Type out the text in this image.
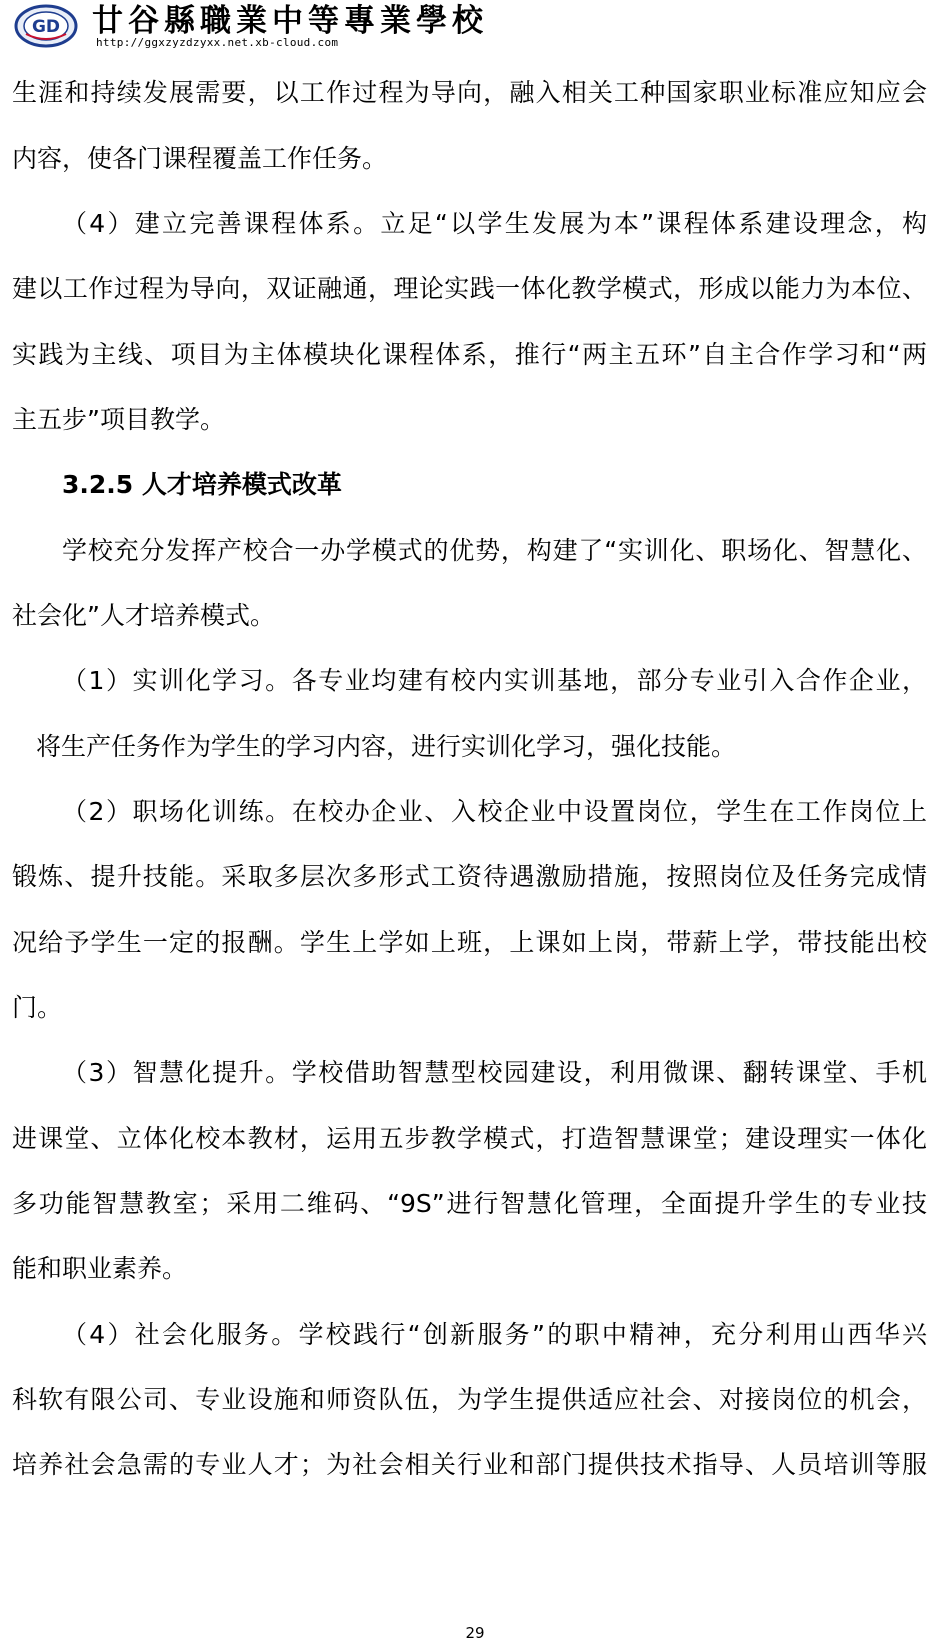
GD 廿谷縣職業中等專業學校
http://ggxzyzdzyxx.net.xb-cloud.com
生涯和持续发展需要，以工作过程为导向，融入相关工种国家职业标准应知应会
内容，使各门课程覆盖工作任务。
（4）建立完善课程体系。立足“以学生发展为本”课程体系建设理念，构
建以工作过程为导向，双证融通，理论实践一体化教学模式，形成以能力为本位、
实践为主线、项目为主体模块化课程体系，推行“两主五环”自主合作学习和“两
主五步”项目教学。
3.2.5 人才培养模式改革
学校充分发挥产校合一办学模式的优势，构建了“实训化、职场化、智慧化、
社会化”人才培养模式。
（1）实训化学习。各专业均建有校内实训基地，部分专业引入合作企业，
将生产任务作为学生的学习内容，进行实训化学习，强化技能。
（2）职场化训练。在校办企业、入校企业中设置岗位，学生在工作岗位上
锻炼、提升技能。采取多层次多形式工资待遇激励措施，按照岗位及任务完成情
况给予学生一定的报酬。学生上学如上班，上课如上岗，带薪上学，带技能出校
门。
（3）智慧化提升。学校借助智慧型校园建设，利用微课、翻转课堂、手机
进课堂、立体化校本教材，运用五步教学模式，打造智慧课堂；建设理实一体化
多功能智慧教室；采用二维码、“9S”进行智慧化管理，全面提升学生的专业技
能和职业素养。
（4）社会化服务。学校践行“创新服务”的职中精神，充分利用山西华兴
科软有限公司、专业设施和师资队伍，为学生提供适应社会、对接岗位的机会，
培养社会急需的专业人才；为社会相关行业和部门提供技术指导、人员培训等服
29
